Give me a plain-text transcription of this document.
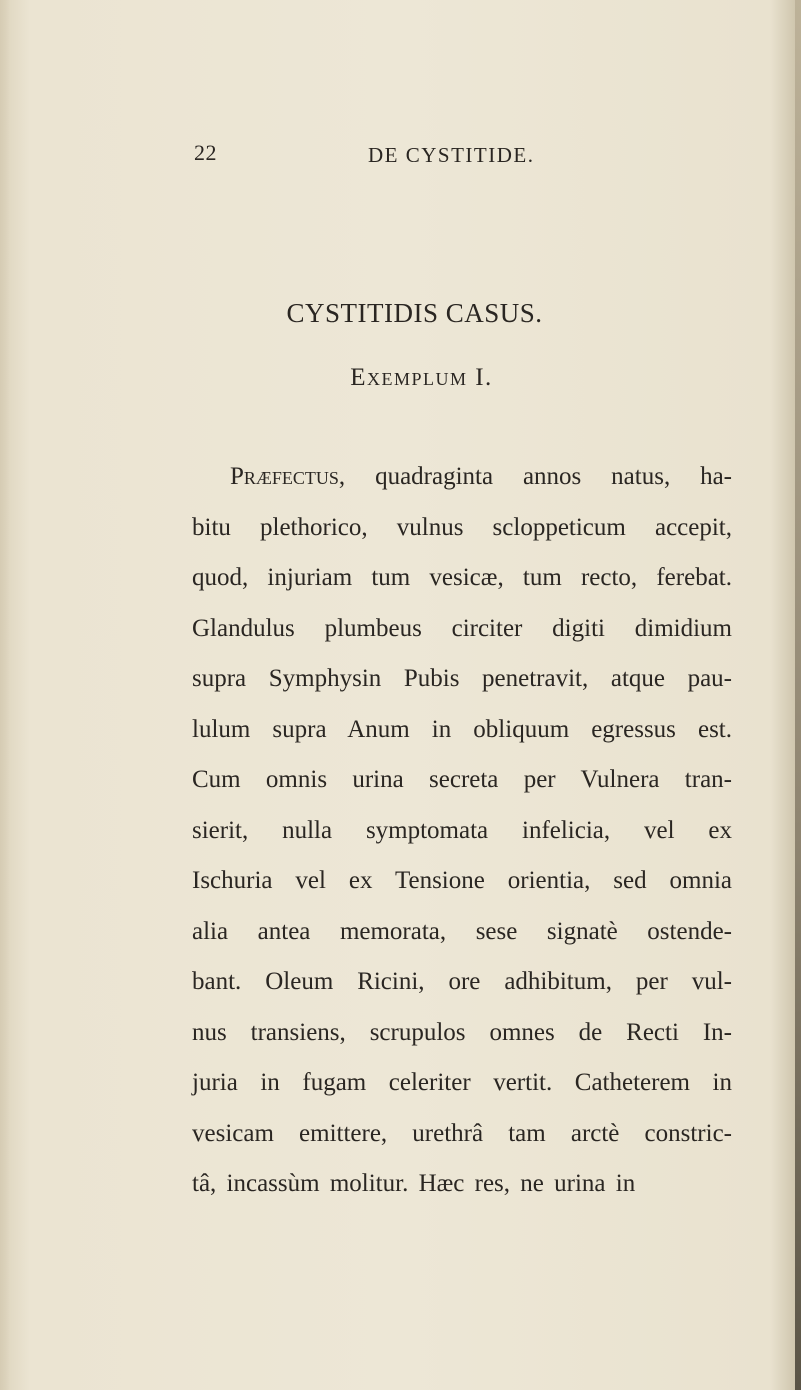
22	DE CYSTITIDE.
CYSTITIDIS CASUS.
Exemplum I.
Præfectus, quadraginta annos natus, ha-
bitu plethorico, vulnus scloppeticum accepit,
quod, injuriam tum vesicæ, tum recto, ferebat.
Glandulus plumbeus circiter digiti dimidium
supra Symphysin Pubis penetravit, atque pau-
lulum supra Anum in obliquum egressus est.
Cum omnis urina secreta per Vulnera tran-
sierit, nulla symptomata infelicia, vel ex
Ischuria vel ex Tensione orientia, sed omnia
alia antea memorata, sese signatè ostende-
bant. Oleum Ricini, ore adhibitum, per vul-
nus transiens, scrupulos omnes de Recti In-
juria in fugam celeriter vertit. Catheterem in
vesicam emittere, urethrâ tam arctè constric-
tâ, incassùm molitur. Hæc res, ne urina in
